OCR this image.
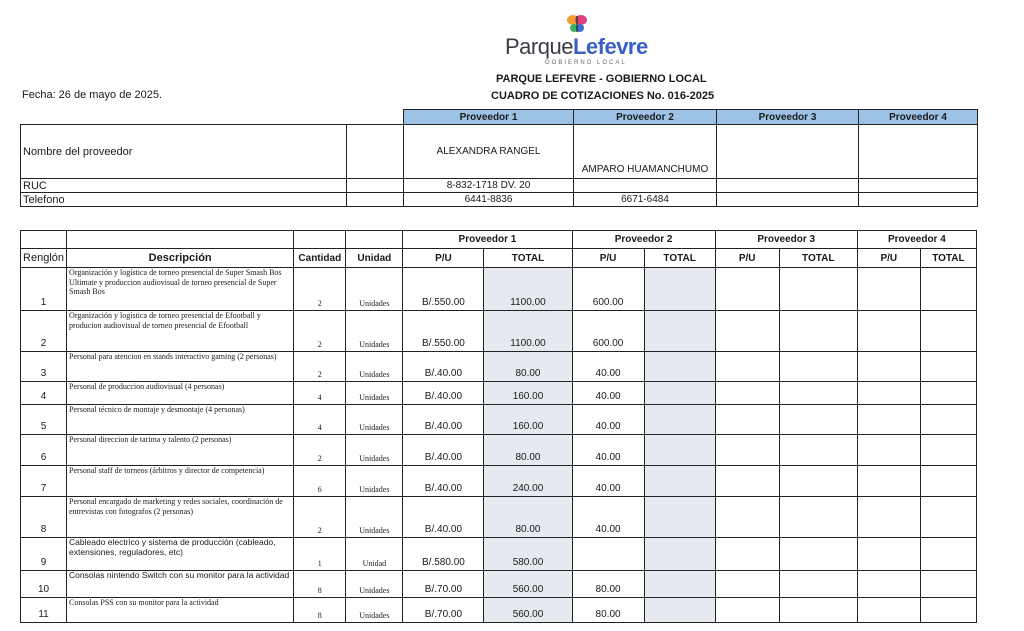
ParqueLefevre
GOBIERNO LOCAL
PARQUE LEFEVRE - GOBIERNO LOCAL
CUADRO DE COTIZACIONES No. 016-2025
Fecha: 26 de mayo de 2025.
		Proveedor 1	Proveedor 2	Proveedor 3	Proveedor 4
Nombre del proveedor		ALEXANDRA RANGEL	AMPARO HUAMANCHUMO		
RUC		8-832-1718 DV. 20			
Telefono		6441-8836	6671-6484		
				Proveedor 1		Proveedor 2		Proveedor 3		Proveedor 4	
Renglón	Descripción	Cantidad	Unidad	P/U	TOTAL	P/U	TOTAL	P/U	TOTAL	P/U	TOTAL
1	Organización y logística de torneo presencial de Super Smash Bos Ultimate y produccion audiovisual de torneo presencial de Super Smash Bos	2	Unidades	B/.550.00	1100.00	600.00					
2	Organización y logística de torneo presencial de Efootball y producion audiovisual de torneo presencial de Efootball	2	Unidades	B/.550.00	1100.00	600.00					
3	Personal para atencion en stands interactivo gaming (2 personas)	2	Unidades	B/.40.00	80.00	40.00					
4	Personal de produccion audiovisual (4 personas)	4	Unidades	B/.40.00	160.00	40.00					
5	Personal técnico de montaje y desmontaje (4 personas)	4	Unidades	B/.40.00	160.00	40.00					
6	Personal direccion de tarima y talento (2 personas)	2	Unidades	B/.40.00	80.00	40.00					
7	Personal staff de torneos (árbitros y director de competencia)	6	Unidades	B/.40.00	240.00	40.00					
8	Personal encargado de marketing y redes sociales, coordinación de entrevistas con fotografos (2 personas)	2	Unidades	B/.40.00	80.00	40.00					
9	Cableado electrico y sistema de producción (cableado, extensiones, reguladores, etc)	1	Unidad	B/.580.00	580.00						
10	Consolas nintendo Switch con su monitor para la actividad	8	Unidades	B/.70.00	560.00	80.00					
11	Consolas PSS con su monitor para la actividad	8	Unidades	B/.70.00	560.00	80.00					
